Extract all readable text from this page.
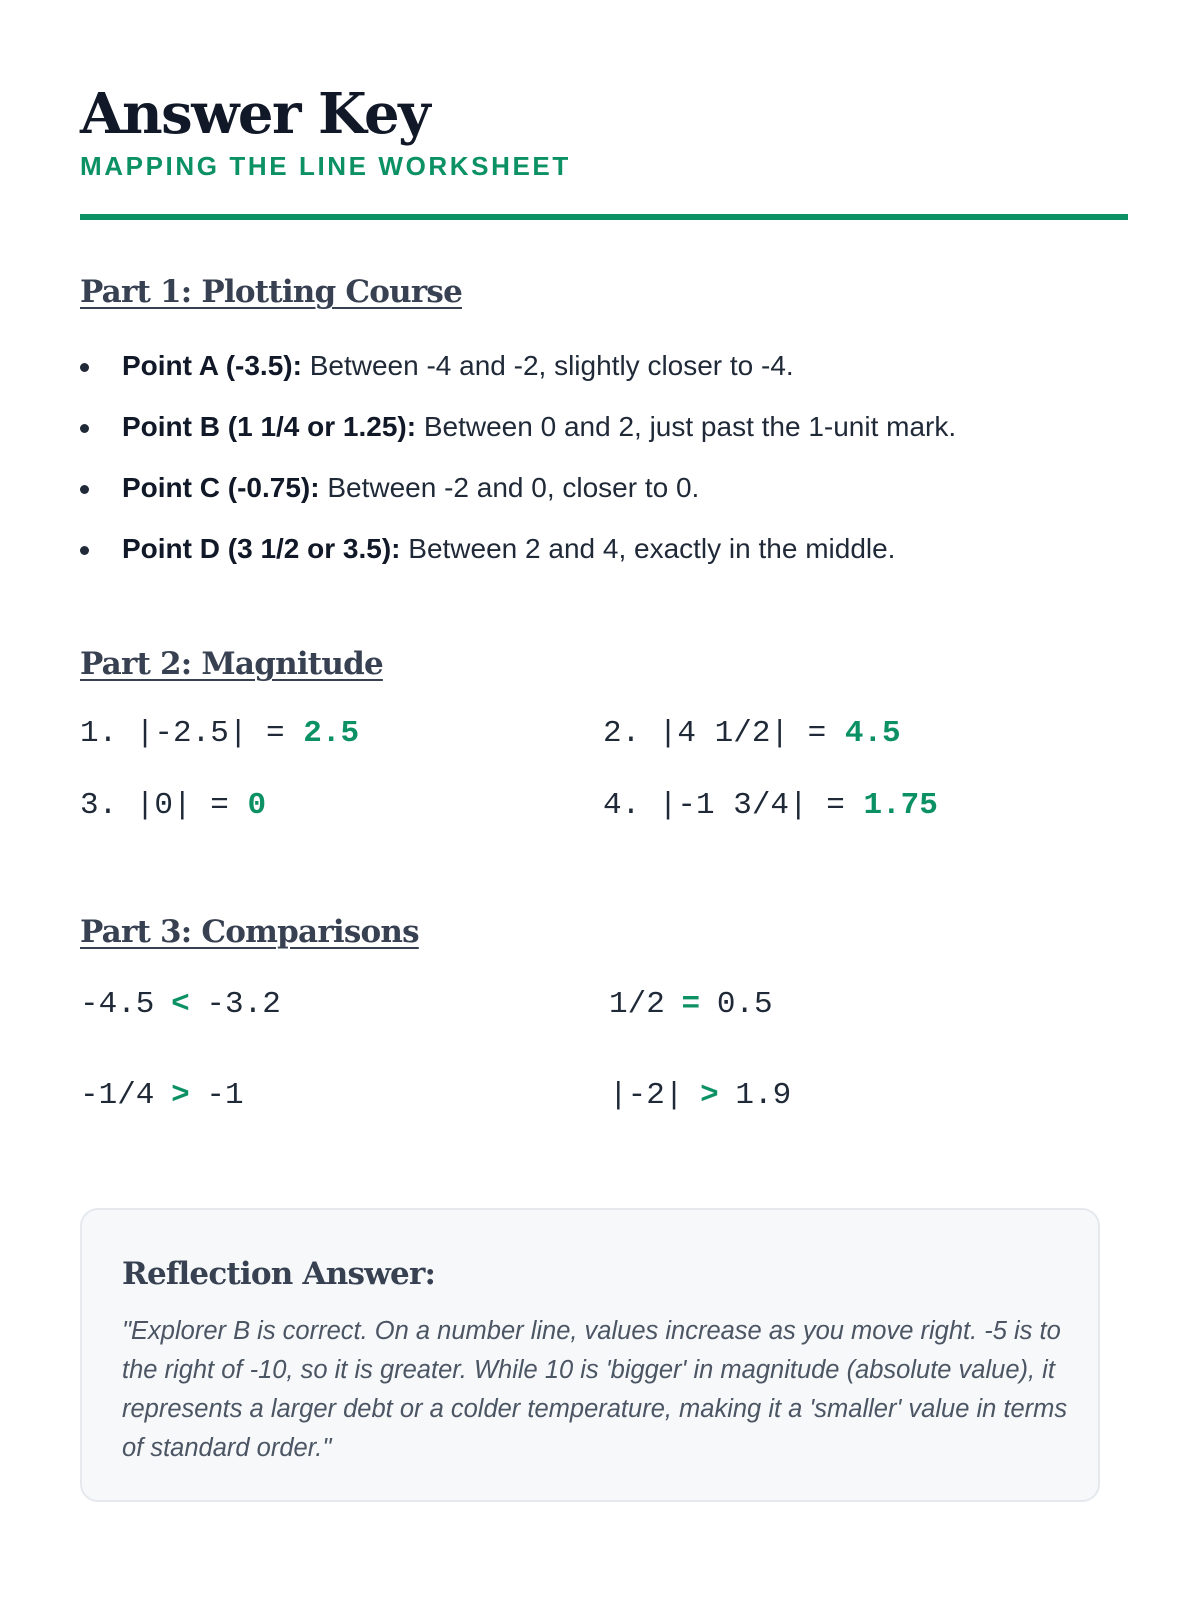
Answer Key
MAPPING THE LINE WORKSHEET
Part 1: Plotting Course
Point A (-3.5): Between -4 and -2, slightly closer to -4.
Point B (1 1/4 or 1.25): Between 0 and 2, just past the 1-unit mark.
Point C (-0.75): Between -2 and 0, closer to 0.
Point D (3 1/2 or 3.5): Between 2 and 4, exactly in the middle.
Part 2: Magnitude
1. |-2.5| = 2.5	2. |4 1/2| = 4.5
3. |0| = 0	4. |-1 3/4| = 1.75
Part 3: Comparisons
-4.5 < -3.2	1/2 = 0.5
-1/4 > -1	|-2| > 1.9
Reflection Answer:

"Explorer B is correct. On a number line, values increase as you move right. -5 is to the right of -10, so it is greater. While 10 is 'bigger' in magnitude (absolute value), it represents a larger debt or a colder temperature, making it a 'smaller' value in terms of standard order."
